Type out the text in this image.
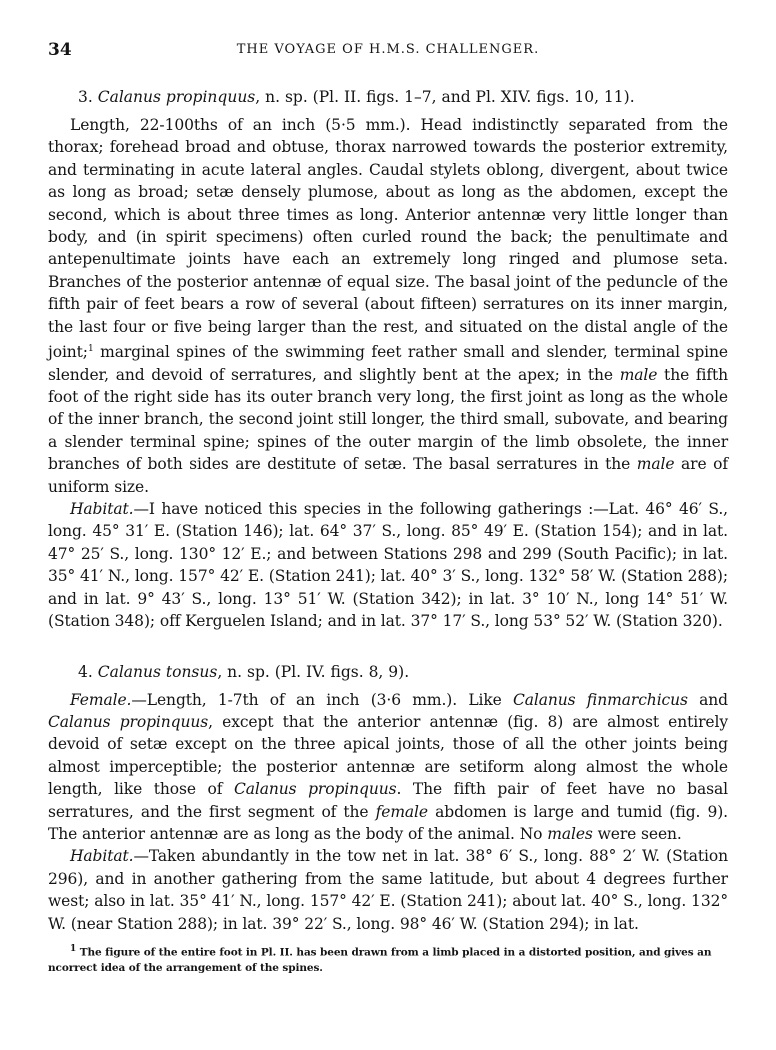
34	THE VOYAGE OF H.M.S. CHALLENGER.
3. Calanus propinquus, n. sp. (Pl. II. figs. 1–7, and Pl. XIV. figs. 10, 11).

Length, 22-100ths of an inch (5·5 mm.). Head indistinctly separated from the thorax; forehead broad and obtuse, thorax narrowed towards the posterior extremity, and terminating in acute lateral angles. Caudal stylets oblong, divergent, about twice as long as broad; setæ densely plumose, about as long as the abdomen, except the second, which is about three times as long. Anterior antennæ very little longer than body, and (in spirit specimens) often curled round the back; the penultimate and antepenultimate joints have each an extremely long ringed and plumose seta. Branches of the posterior antennæ of equal size. The basal joint of the peduncle of the fifth pair of feet bears a row of several (about fifteen) serratures on its inner margin, the last four or five being larger than the rest, and situated on the distal angle of the joint;$^1$ marginal spines of the swimming feet rather small and slender, terminal spine slender, and devoid of serratures, and slightly bent at the apex; in the male the fifth foot of the right side has its outer branch very long, the first joint as long as the whole of the inner branch, the second joint still longer, the third small, subovate, and bearing a slender terminal spine; spines of the outer margin of the limb obsolete, the inner branches of both sides are destitute of setæ. The basal serratures in the male are of uniform size.

Habitat.—I have noticed this species in the following gatherings :—Lat. 46° 46′ S., long. 45° 31′ E. (Station 146); lat. 64° 37′ S., long. 85° 49′ E. (Station 154); and in lat. 47° 25′ S., long. 130° 12′ E.; and between Stations 298 and 299 (South Pacific); in lat. 35° 41′ N., long. 157° 42′ E. (Station 241); lat. 40° 3′ S., long. 132° 58′ W. (Station 288); and in lat. 9° 43′ S., long. 13° 51′ W. (Station 342); in lat. 3° 10′ N., long 14° 51′ W. (Station 348); off Kerguelen Island; and in lat. 37° 17′ S., long 53° 52′ W. (Station 320).

4. Calanus tonsus, n. sp. (Pl. IV. figs. 8, 9).

Female.—Length, 1-7th of an inch (3·6 mm.). Like Calanus finmarchicus and Calanus propinquus, except that the anterior antennæ (fig. 8) are almost entirely devoid of setæ except on the three apical joints, those of all the other joints being almost imperceptible; the posterior antennæ are setiform along almost the whole length, like those of Calanus propinquus. The fifth pair of feet have no basal serratures, and the first segment of the female abdomen is large and tumid (fig. 9). The anterior antennæ are as long as the body of the animal. No males were seen.

Habitat.—Taken abundantly in the tow net in lat. 38° 6′ S., long. 88° 2′ W. (Station 296), and in another gathering from the same latitude, but about 4 degrees further west; also in lat. 35° 41′ N., long. 157° 42′ E. (Station 241); about lat. 40° S., long. 132° W. (near Station 288); in lat. 39° 22′ S., long. 98° 46′ W. (Station 294); in lat.

$^1$ The figure of the entire foot in Pl. II. has been drawn from a limb placed in a distorted position, and gives an ncorrect idea of the arrangement of the spines.
